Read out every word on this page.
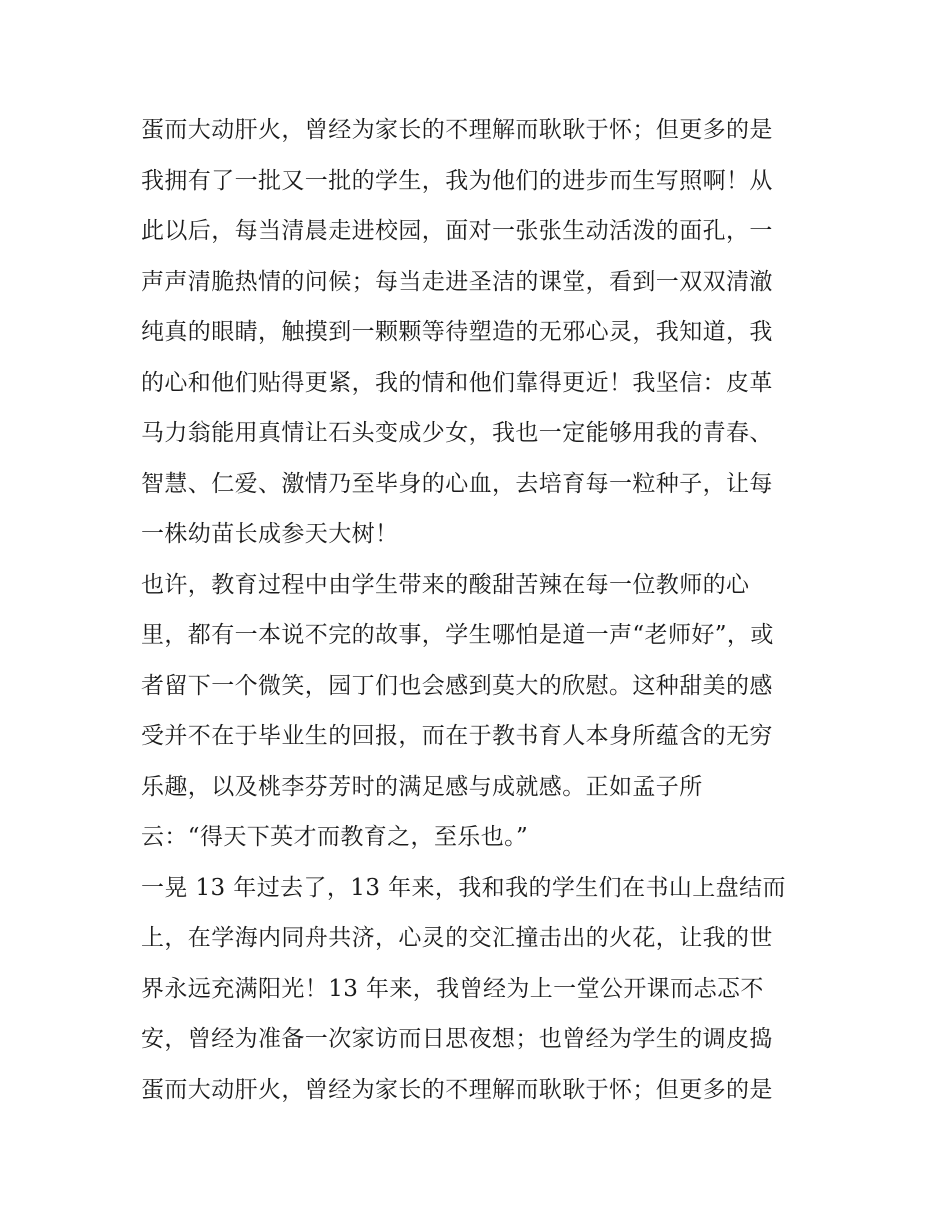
蛋而大动肝火，曾经为家长的不理解而耿耿于怀；但更多的是
我拥有了一批又一批的学生，我为他们的进步而生写照啊！从
此以后，每当清晨走进校园，面对一张张生动活泼的面孔，一
声声清脆热情的问候；每当走进圣洁的课堂，看到一双双清澈
纯真的眼睛，触摸到一颗颗等待塑造的无邪心灵，我知道，我
的心和他们贴得更紧，我的情和他们靠得更近！我坚信：皮革
马力翁能用真情让石头变成少女，我也一定能够用我的青春、
智慧、仁爱、激情乃至毕身的心血，去培育每一粒种子，让每
一株幼苗长成参天大树！
也许，教育过程中由学生带来的酸甜苦辣在每一位教师的心
里，都有一本说不完的故事，学生哪怕是道一声“老师好”，或
者留下一个微笑，园丁们也会感到莫大的欣慰。这种甜美的感
受并不在于毕业生的回报，而在于教书育人本身所蕴含的无穷
乐趣，以及桃李芬芳时的满足感与成就感。正如孟子所
云：“得天下英才而教育之，至乐也。”
一晃 13 年过去了，13 年来，我和我的学生们在书山上盘结而
上，在学海内同舟共济，心灵的交汇撞击出的火花，让我的世
界永远充满阳光！13 年来，我曾经为上一堂公开课而忐忑不
安，曾经为准备一次家访而日思夜想；也曾经为学生的调皮捣
蛋而大动肝火，曾经为家长的不理解而耿耿于怀；但更多的是
